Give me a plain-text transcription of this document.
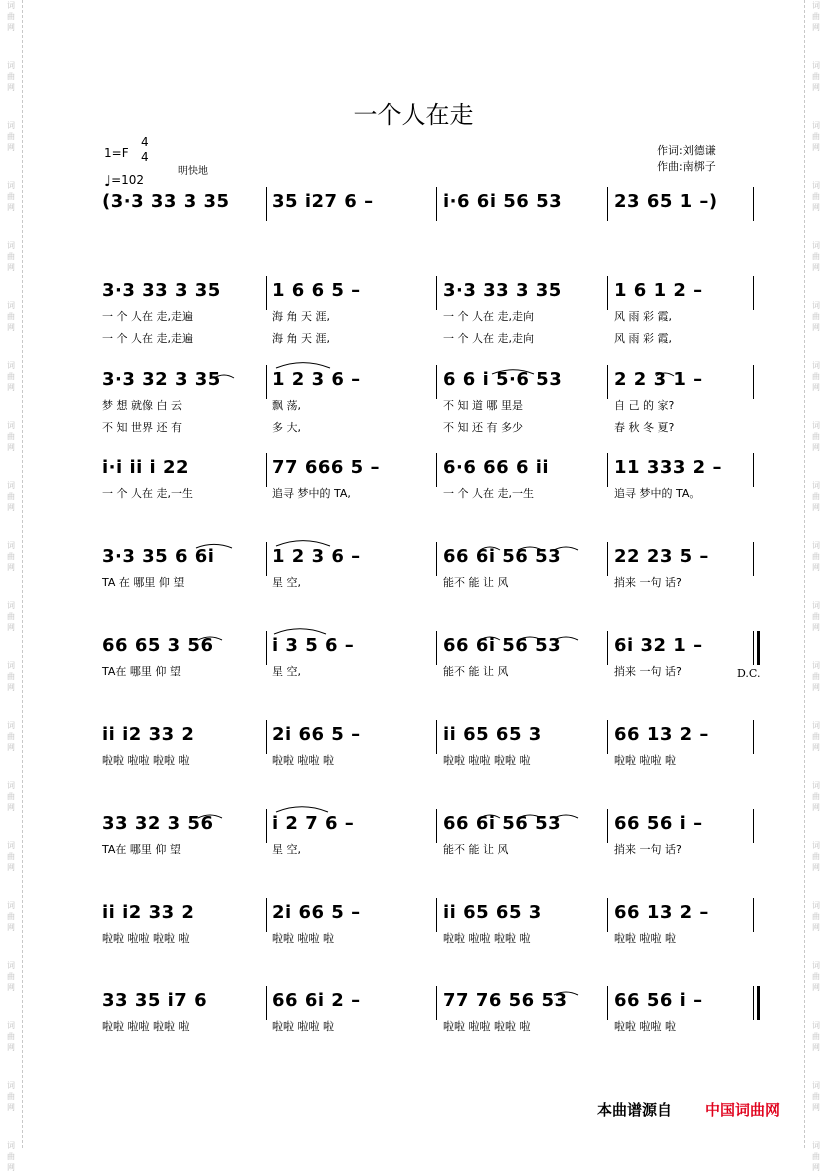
词
曲
网
词
曲
网
词
曲
网
词
曲
网
词
曲
网
词
曲
网
词
曲
网
词
曲
网
词
曲
网
词
曲
网
词
曲
网
词
曲
网
词
曲
网
词
曲
网
词
曲
网
词
曲
网
词
曲
网
词
曲
网
词
曲
网
词
曲
网
词
曲
网
词
曲
网
词
曲
网
词
曲
网
词
曲
网
词
曲
网
词
曲
网
词
曲
网
词
曲
网
词
曲
网
词
曲
网
词
曲
网
词
曲
网
词
曲
网
词
曲
网
词
曲
网
词
曲
网
词
曲
网
词
曲
网
词
曲
网
一个人在走
1=F
4
4
♩=102
明快地
作词:刘德谦
作曲:南梆子
(3·3 33 3 35 35 i27 6 –	i·6 6i 56 53	23 65 1 –)
3·3 33 3 35	1 6 6 5 –	3·3 33 3 35	1 6 1 2 –
一 个 人在 走,走遍	海 角 天 涯,	一 个 人在 走,走向	风 雨 彩 霞,
一 个 人在 走,走遍	海 角 天 涯,	一 个 人在 走,走向	风 雨 彩 霞,
3·3 32 3 35	1 2 3 6 –	6 6 i 5·6 53	2 2 3 1 –
梦 想 就像 白 云	飘 荡,	不 知 道 哪 里是	自 己 的 家?
不 知 世界 还 有	多 大,	不 知 还 有 多少	春 秋 冬 夏?
i·i ii i 22	77 666 5 –	6·6 66 6 ii	11 333 2 –
一 个 人在 走,一生	追寻 梦中的 TA,	一 个 人在 走,一生	追寻 梦中的 TA。
3·3 35 6 6i	1 2 3 6 –	66 6i 56 53	22 23 5 –
TA 在 哪里 仰 望	星 空,	能不 能 让 风	捎来 一句 话?
66 65 3 56	i 3 5 6 –	66 6i 56 53	6i 32 1 –
TA在 哪里 仰 望	星 空,	能不 能 让 风	捎来 一句 话?
ii i2 33 2	2i 66 5 –	ii 65 65 3	66 13 2 –
啦啦 啦啦 啦啦 啦	啦啦 啦啦 啦	啦啦 啦啦 啦啦 啦	啦啦 啦啦 啦
33 32 3 56	i 2 7 6 –	66 6i 56 53	66 56 i –
TA在 哪里 仰 望	星 空,	能不 能 让 风	捎来 一句 话?
ii i2 33 2	2i 66 5 –	ii 65 65 3	66 13 2 –
啦啦 啦啦 啦啦 啦	啦啦 啦啦 啦	啦啦 啦啦 啦啦 啦	啦啦 啦啦 啦
33 35 i7 6	66 6i 2 –	77 76 56 53	66 56 i –
啦啦 啦啦 啦啦 啦	啦啦 啦啦 啦	啦啦 啦啦 啦啦 啦	啦啦 啦啦 啦
D.C.
本曲谱源自 中国词曲网
